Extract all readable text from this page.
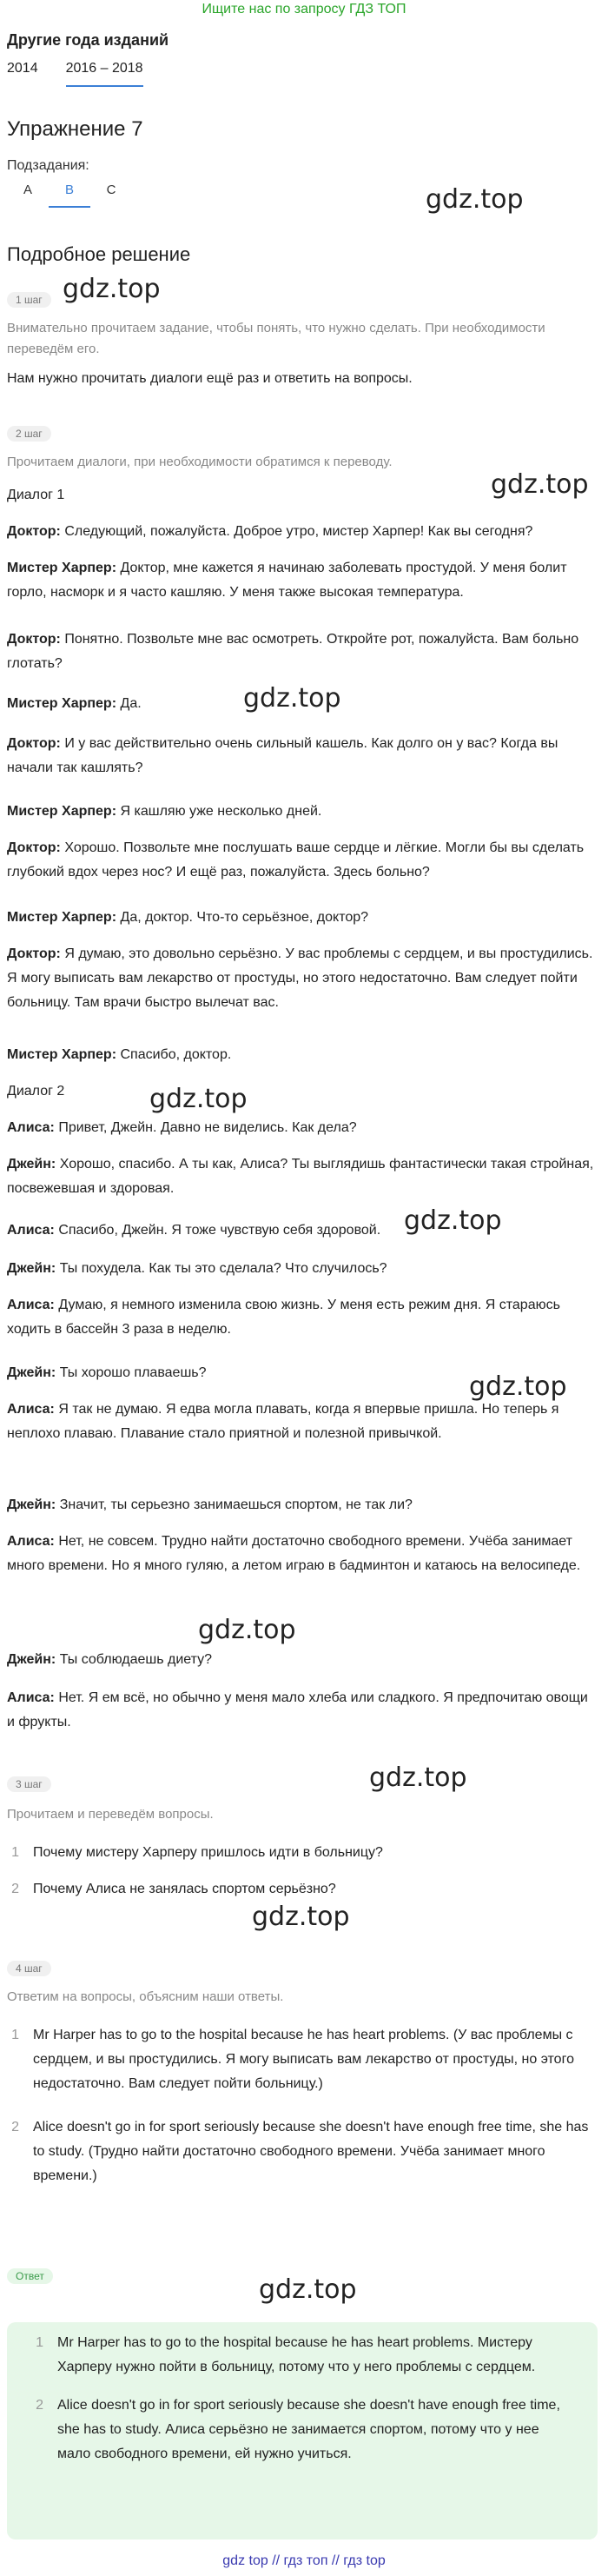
Ищите нас по запросу ГДЗ ТОП
Другие года изданий
2014 2016 – 2018
Упражнение 7
Подзадания:
A	B	C	gdz.top
gdz.top
gdz.top
gdz.top
gdz.top
gdz.top
gdz.top
gdz.top
gdz.top
gdz.top
gdz.top
Подробное решение
1 шаг
Внимательно прочитаем задание, чтобы понять, что нужно сделать. При необходимости переведём его.
Нам нужно прочитать диалоги ещё раз и ответить на вопросы.
2 шаг
Прочитаем диалоги, при необходимости обратимся к переводу.
Диалог 1
Доктор: Следующий, пожалуйста. Доброе утро, мистер Харпер! Как вы сегодня?
Мистер Харпер: Доктор, мне кажется я начинаю заболевать простудой. У меня болит горло, насморк и я часто кашляю. У меня также высокая температура.
Доктор: Понятно. Позвольте мне вас осмотреть. Откройте рот, пожалуйста. Вам больно глотать?
Мистер Харпер: Да.
Доктор: И у вас действительно очень сильный кашель. Как долго он у вас? Когда вы начали так кашлять?
Мистер Харпер: Я кашляю уже несколько дней.
Доктор: Хорошо. Позвольте мне послушать ваше сердце и лёгкие. Могли бы вы сделать глубокий вдох через нос? И ещё раз, пожалуйста. Здесь больно?
Мистер Харпер: Да, доктор. Что-то серьёзное, доктор?
Доктор: Я думаю, это довольно серьёзно. У вас проблемы с сердцем, и вы простудились. Я могу выписать вам лекарство от простуды, но этого недостаточно. Вам следует пойти больницу. Там врачи быстро вылечат вас.
Мистер Харпер: Спасибо, доктор.
Диалог 2
Алиса: Привет, Джейн. Давно не виделись. Как дела?
Джейн: Хорошо, спасибо. А ты как, Алиса? Ты выглядишь фантастически такая стройная, посвежевшая и здоровая.
Алиса: Спасибо, Джейн. Я тоже чувствую себя здоровой.
Джейн: Ты похудела. Как ты это сделала? Что случилось?
Алиса: Думаю, я немного изменила свою жизнь. У меня есть режим дня. Я стараюсь ходить в бассейн 3 раза в неделю.
Джейн: Ты хорошо плаваешь?
Алиса: Я так не думаю. Я едва могла плавать, когда я впервые пришла. Но теперь я неплохо плаваю. Плавание стало приятной и полезной привычкой.
Джейн: Значит, ты серьезно занимаешься спортом, не так ли?
Алиса: Нет, не совсем. Трудно найти достаточно свободного времени. Учёба занимает много времени. Но я много гуляю, а летом играю в бадминтон и катаюсь на велосипеде.
Джейн: Ты соблюдаешь диету?
Алиса: Нет. Я ем всё, но обычно у меня мало хлеба или сладкого. Я предпочитаю овощи и фрукты.
3 шаг
Прочитаем и переведём вопросы.
1 Почему мистеру Харперу пришлось идти в больницу?
2 Почему Алиса не занялась спортом серьёзно?
4 шаг
Ответим на вопросы, объясним наши ответы.
1 Mr Harper has to go to the hospital because he has heart problems. (У вас проблемы с сердцем, и вы простудились. Я могу выписать вам лекарство от простуды, но этого недостаточно. Вам следует пойти больницу.)
2 Alice doesn't go in for sport seriously because she doesn't have enough free time, she has to study. (Трудно найти достаточно свободного времени. Учёба занимает много времени.)
Ответ
1 Mr Harper has to go to the hospital because he has heart problems. Мистеру Харперу нужно пойти в больницу, потому что у него проблемы с сердцем.
2 Alice doesn't go in for sport seriously because she doesn't have enough free time, she has to study. Алиса серьёзно не занимается спортом, потому что у нее мало свободного времени, ей нужно учиться.
gdz top // гдз топ // гдз top
